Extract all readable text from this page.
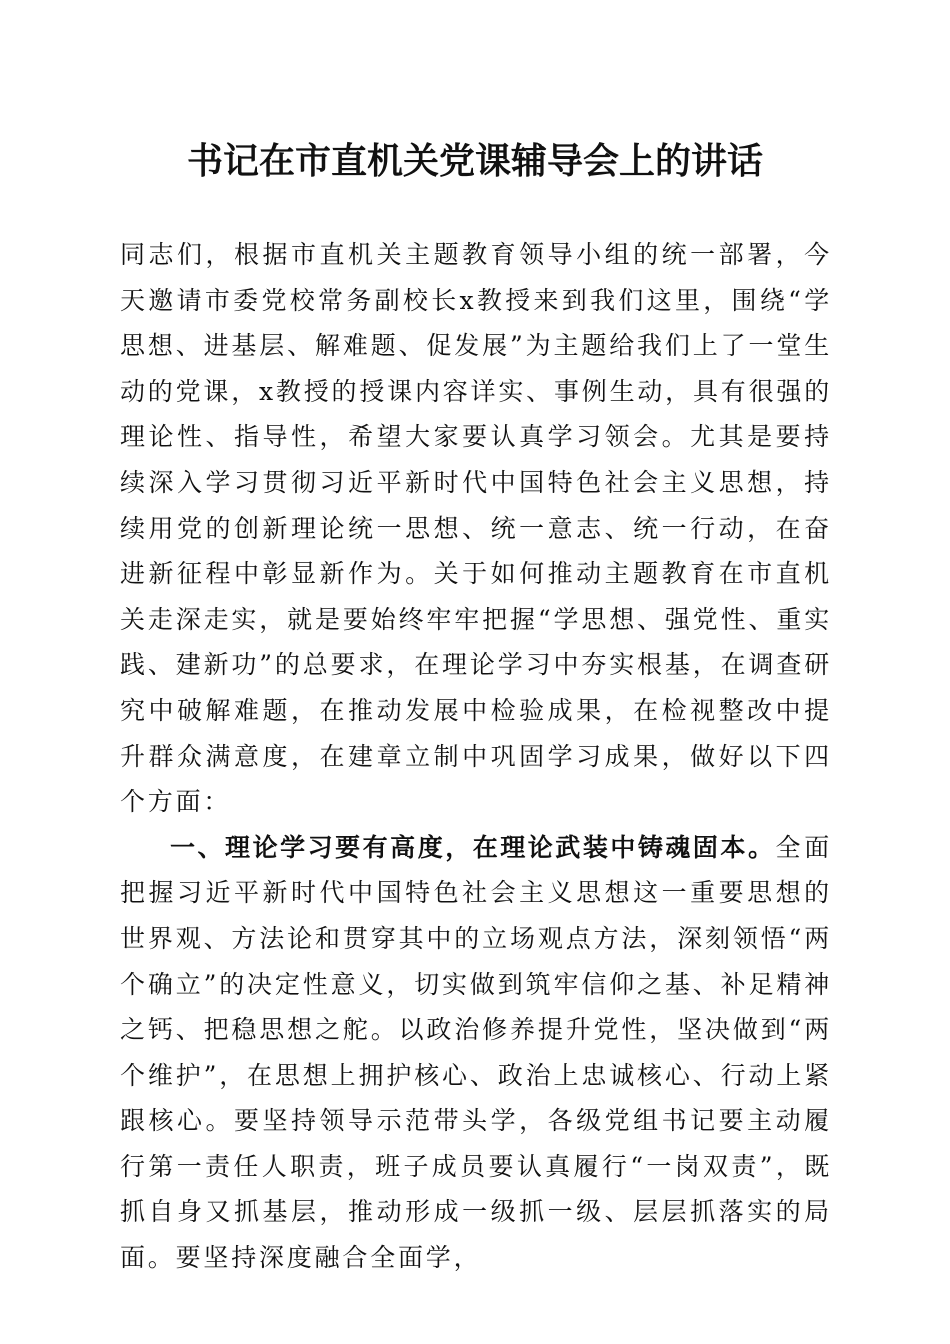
书记在市直机关党课辅导会上的讲话

同志们，根据市直机关主题教育领导小组的统一部署，今天邀请市委党校常务副校长x教授来到我们这里，围绕“学思想、进基层、解难题、促发展”为主题给我们上了一堂生动的党课，x教授的授课内容详实、事例生动，具有很强的理论性、指导性，希望大家要认真学习领会。尤其是要持续深入学习贯彻习近平新时代中国特色社会主义思想，持续用党的创新理论统一思想、统一意志、统一行动，在奋进新征程中彰显新作为。关于如何推动主题教育在市直机关走深走实，就是要始终牢牢把握“学思想、强党性、重实践、建新功”的总要求，在理论学习中夯实根基，在调查研究中破解难题，在推动发展中检验成果，在检视整改中提升群众满意度，在建章立制中巩固学习成果，做好以下四个方面：

一、理论学习要有高度，在理论武装中铸魂固本。全面把握习近平新时代中国特色社会主义思想这一重要思想的世界观、方法论和贯穿其中的立场观点方法，深刻领悟“两个确立”的决定性意义，切实做到筑牢信仰之基、补足精神之钙、把稳思想之舵。以政治修养提升党性，坚决做到“两个维护”，在思想上拥护核心、政治上忠诚核心、行动上紧跟核心。要坚持领导示范带头学，各级党组书记要主动履行第一责任人职责，班子成员要认真履行“一岗双责”，既抓自身又抓基层，推动形成一级抓一级、层层抓落实的局面。要坚持深度融合全面学，
